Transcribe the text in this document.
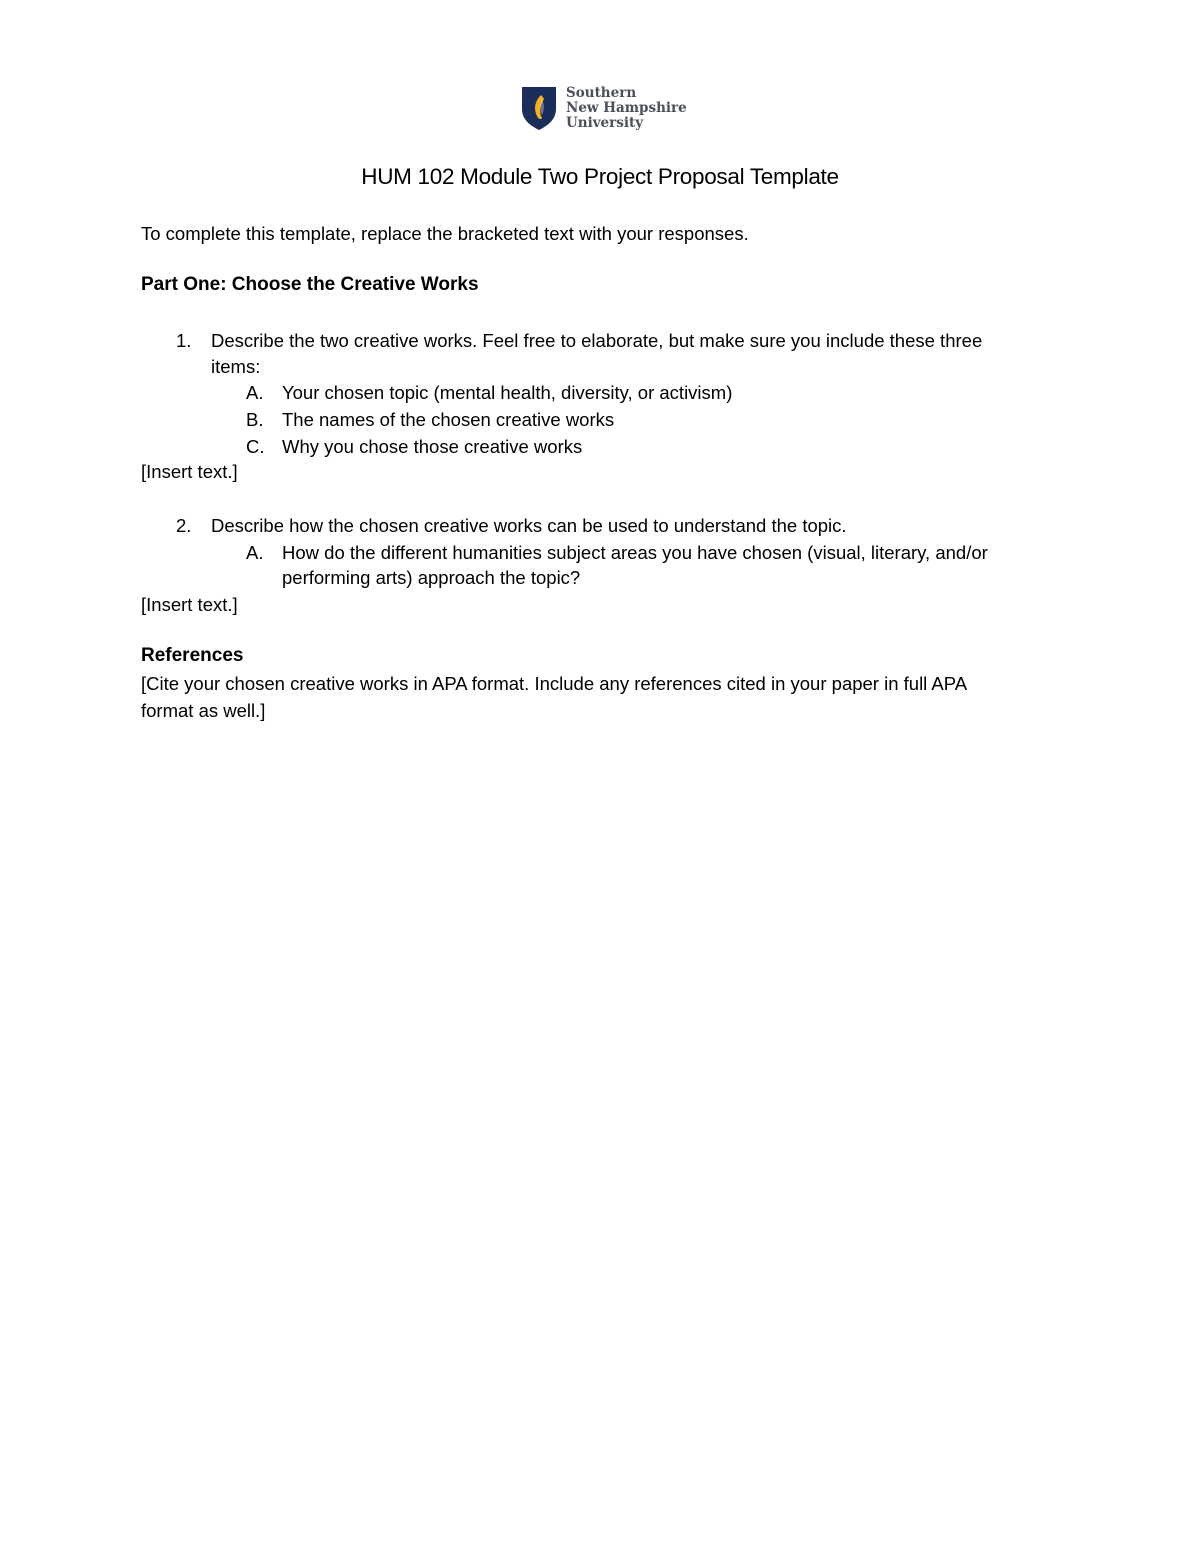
Southern
New Hampshire
University
HUM 102 Module Two Project Proposal Template
To complete this template, replace the bracketed text with your responses.
Part One: Choose the Creative Works
1. Describe the two creative works. Feel free to elaborate, but make sure you include these three
items:
A. Your chosen topic (mental health, diversity, or activism)
B. The names of the chosen creative works
C. Why you chose those creative works
[Insert text.]
2. Describe how the chosen creative works can be used to understand the topic.
A. How do the different humanities subject areas you have chosen (visual, literary, and/or
performing arts) approach the topic?
[Insert text.]
References
[Cite your chosen creative works in APA format. Include any references cited in your paper in full APA
format as well.]
